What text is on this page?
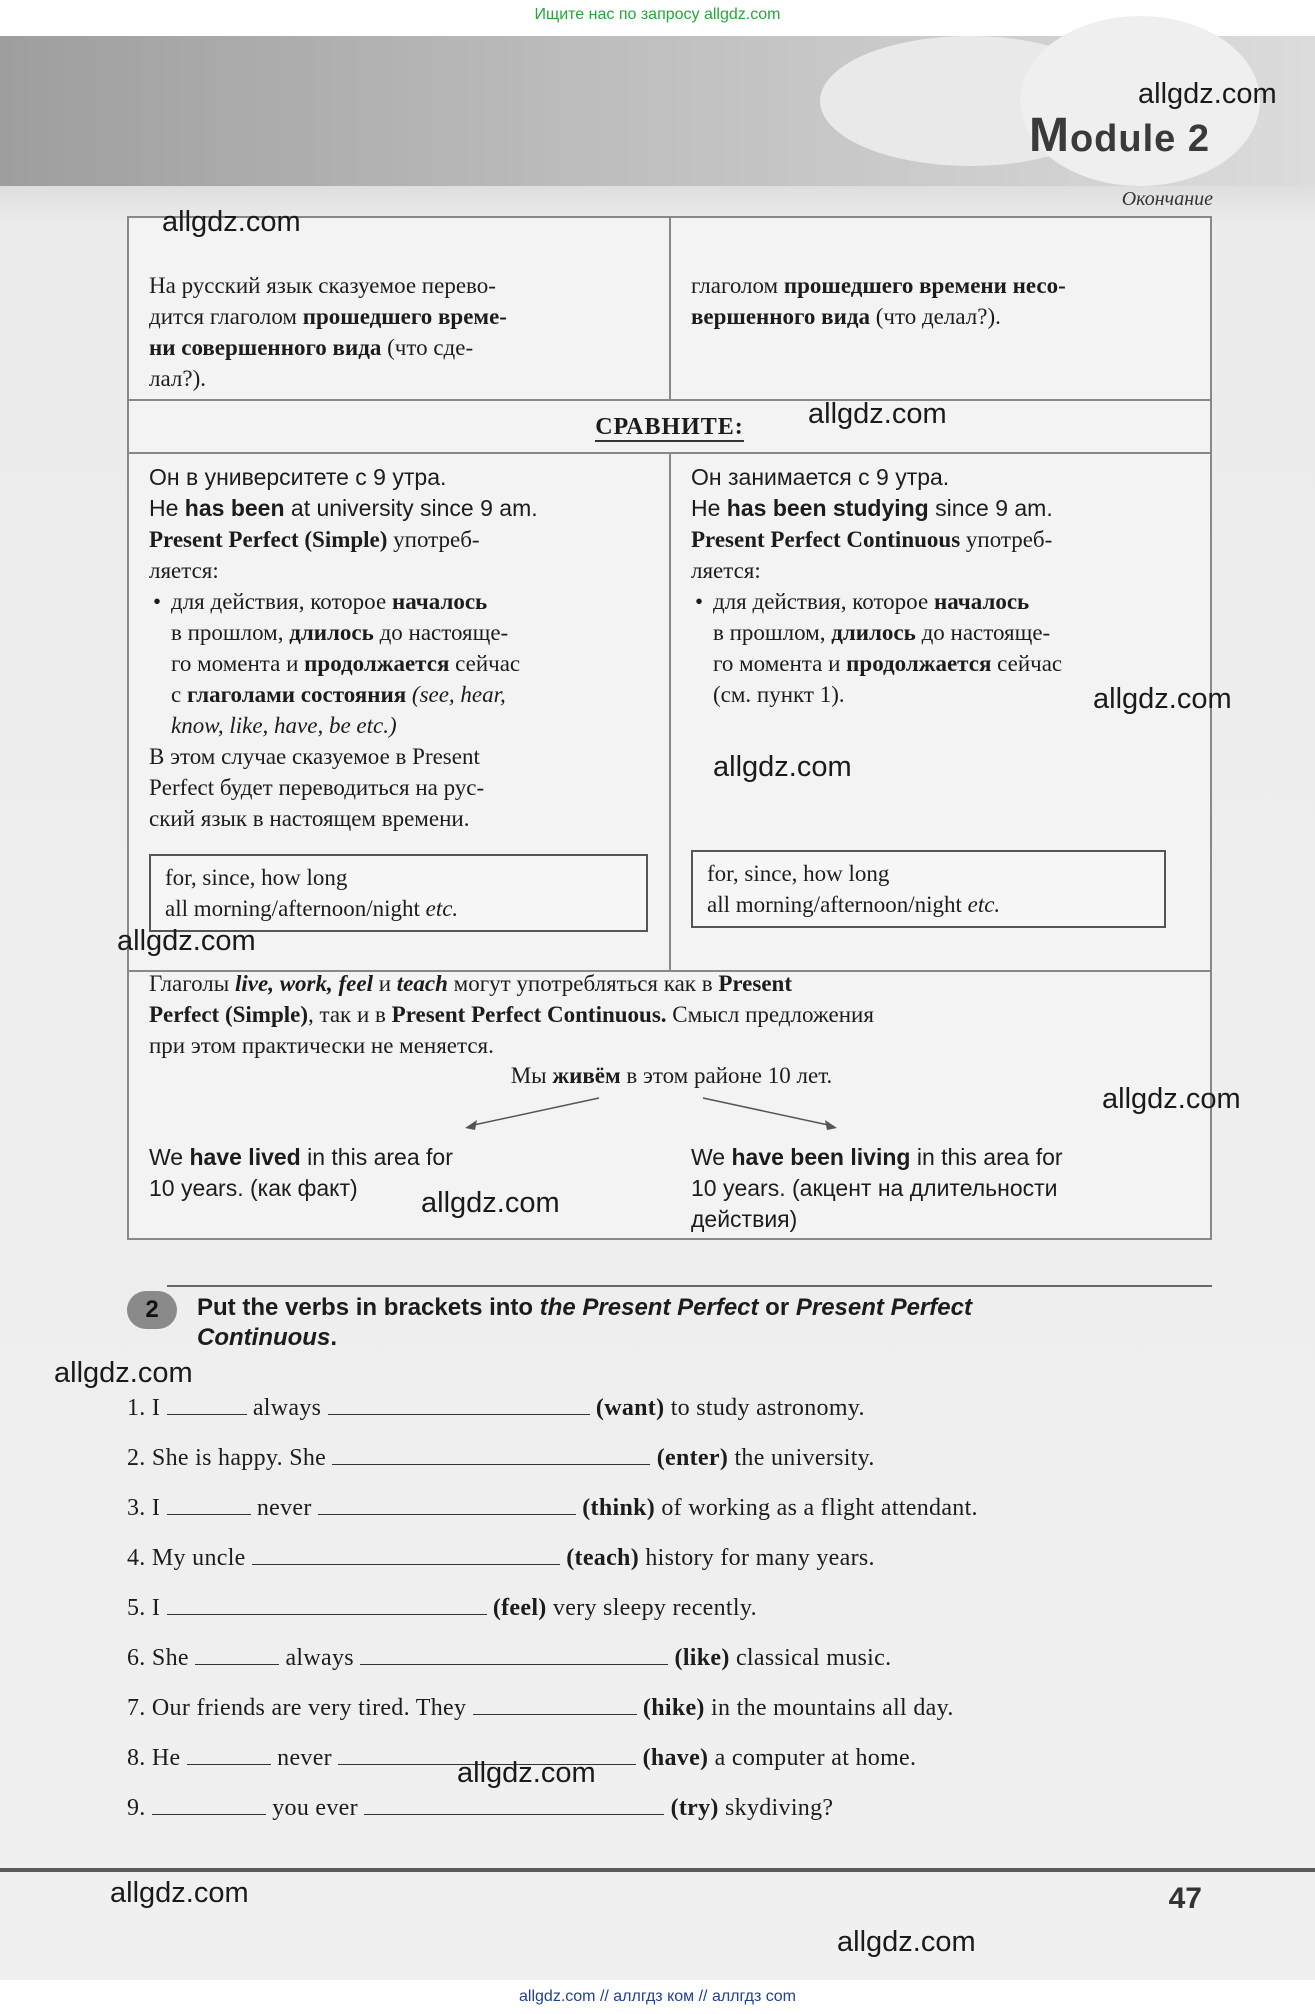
Ищите нас по запросу allgdz.com
Module 2
Окончание
На русский язык сказуемое перево-
дится глаголом прошедшего време-
ни совершенного вида (что сде-
лал?).
глаголом прошедшего времени несо-
вершенного вида (что делал?).
СРАВНИТЕ:
Он в университете с 9 утра.
He has been at university since 9 am.
Present Perfect (Simple) употреб-
ляется:
• для действия, которое началось
в прошлом, длилось до настояще-
го момента и продолжается сейчас
с глаголами состояния (see, hear,
know, like, have, be etc.)
В этом случае сказуемое в Present
Perfect будет переводиться на рус-
ский язык в настоящем времени.
for, since, how long
all morning/afternoon/night etc.
Он занимается с 9 утра.
He has been studying since 9 am.
Present Perfect Continuous употреб-
ляется:
• для действия, которое началось
в прошлом, длилось до настояще-
го момента и продолжается сейчас
(см. пункт 1).
for, since, how long
all morning/afternoon/night etc.
Глаголы live, work, feel и teach могут употребляться как в Present
Perfect (Simple), так и в Present Perfect Continuous. Смысл предложения
при этом практически не меняется.
Мы живём в этом районе 10 лет.
We have lived in this area for
10 years. (как факт)
We have been living in this area for
10 years. (акцент на длительности
действия)
2	Put the verbs in brackets into the Present Perfect or Present Perfect
Continuous.
1. I	always	(want) to study astronomy.
2. She is happy. She	(enter) the university.
3. I	never	(think) of working as a flight attendant.
4. My uncle	(teach) history for many years.
5. I	(feel) very sleepy recently.
6. She	always	(like) classical music.
7. Our friends are very tired. They	(hike) in the mountains all day.
8. He	never	(have) a computer at home.
9.	you ever	(try) skydiving?
47
allgdz.com
allgdz.com
allgdz.com
allgdz.com
allgdz.com
allgdz.com
allgdz.com
allgdz.com
allgdz.com
allgdz.com
allgdz.com
allgdz.com
allgdz.com // аллгдз ком // аллгдз com
